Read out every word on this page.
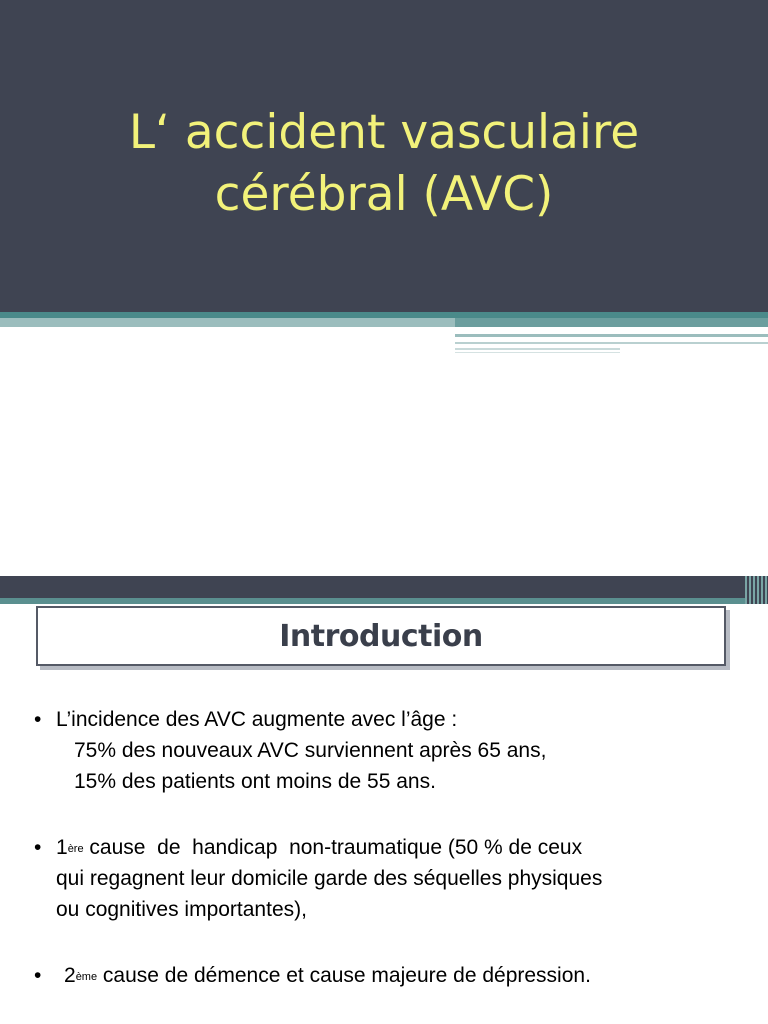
L‘ accident vasculaire
cérébral (AVC)
Introduction
• L’incidence des AVC augmente avec l’âge :
75% des nouveaux AVC surviennent après 65 ans,
15% des patients ont moins de 55 ans.
• 1ère cause  de  handicap  non-traumatique (50 % de ceux
qui regagnent leur domicile garde des séquelles physiques
ou cognitives importantes),
• 2ème cause de démence et cause majeure de dépression.
